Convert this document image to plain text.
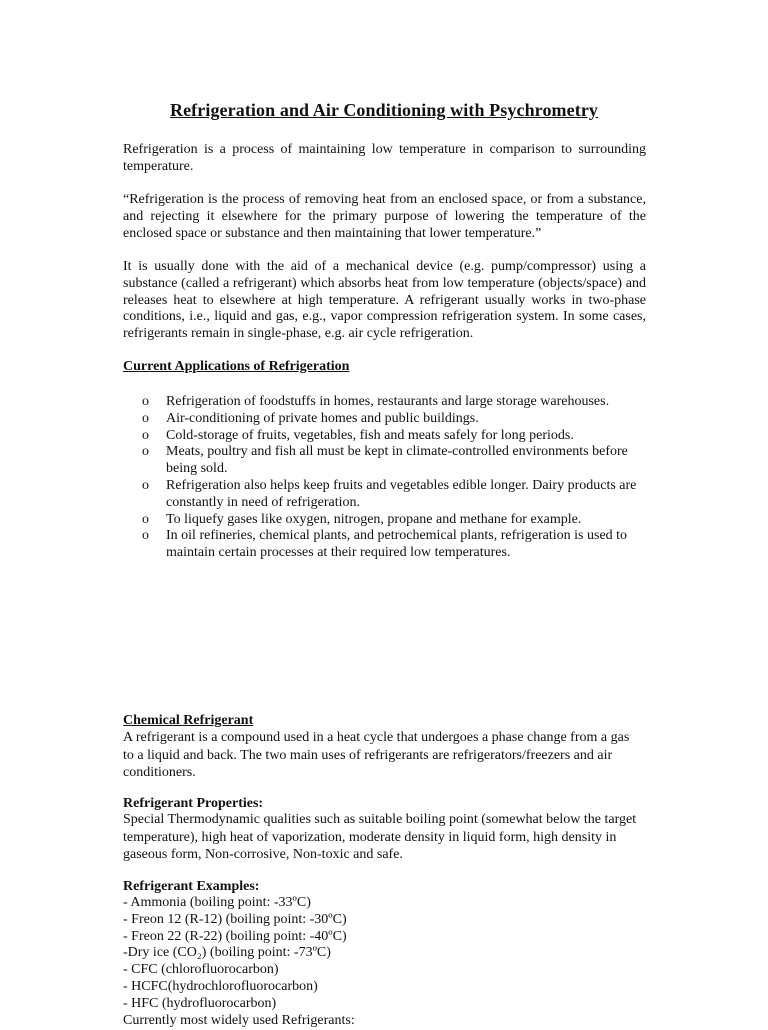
Refrigeration and Air Conditioning with Psychrometry
Refrigeration is a process of maintaining low temperature in comparison to surrounding temperature.
“Refrigeration is the process of removing heat from an enclosed space, or from a substance, and rejecting it elsewhere for the primary purpose of lowering the temperature of the enclosed space or substance and then maintaining that lower temperature.”
It is usually done with the aid of a mechanical device (e.g. pump/compressor) using a substance (called a refrigerant) which absorbs heat from low temperature (objects/space) and releases heat to elsewhere at high temperature. A refrigerant usually works in two-phase conditions, i.e., liquid and gas, e.g., vapor compression refrigeration system. In some cases, refrigerants remain in single-phase, e.g. air cycle refrigeration.
Current Applications of Refrigeration
o Refrigeration of foodstuffs in homes, restaurants and large storage warehouses.
o Air-conditioning of private homes and public buildings.
o Cold-storage of fruits, vegetables, fish and meats safely for long periods.
o Meats, poultry and fish all must be kept in climate-controlled environments before being sold.
o Refrigeration also helps keep fruits and vegetables edible longer. Dairy products are constantly in need of refrigeration.
o To liquefy gases like oxygen, nitrogen, propane and methane for example.
o In oil refineries, chemical plants, and petrochemical plants, refrigeration is used to maintain certain processes at their required low temperatures.
Chemical Refrigerant
A refrigerant is a compound used in a heat cycle that undergoes a phase change from a gas to a liquid and back. The two main uses of refrigerants are refrigerators/freezers and air conditioners.
Refrigerant Properties:
Special Thermodynamic qualities such as suitable boiling point (somewhat below the target temperature), high heat of vaporization, moderate density in liquid form, high density in gaseous form, Non-corrosive, Non-toxic and safe.
Refrigerant Examples:
- Ammonia (boiling point: -33ºC)
- Freon 12 (R-12) (boiling point: -30ºC)
- Freon 22 (R-22) (boiling point: -40ºC)
-Dry ice (CO₂) (boiling point: -73ºC)
- CFC (chlorofluorocarbon)
- HCFC(hydrochlorofluorocarbon)
- HFC (hydrofluorocarbon)
Currently most widely used Refrigerants:
